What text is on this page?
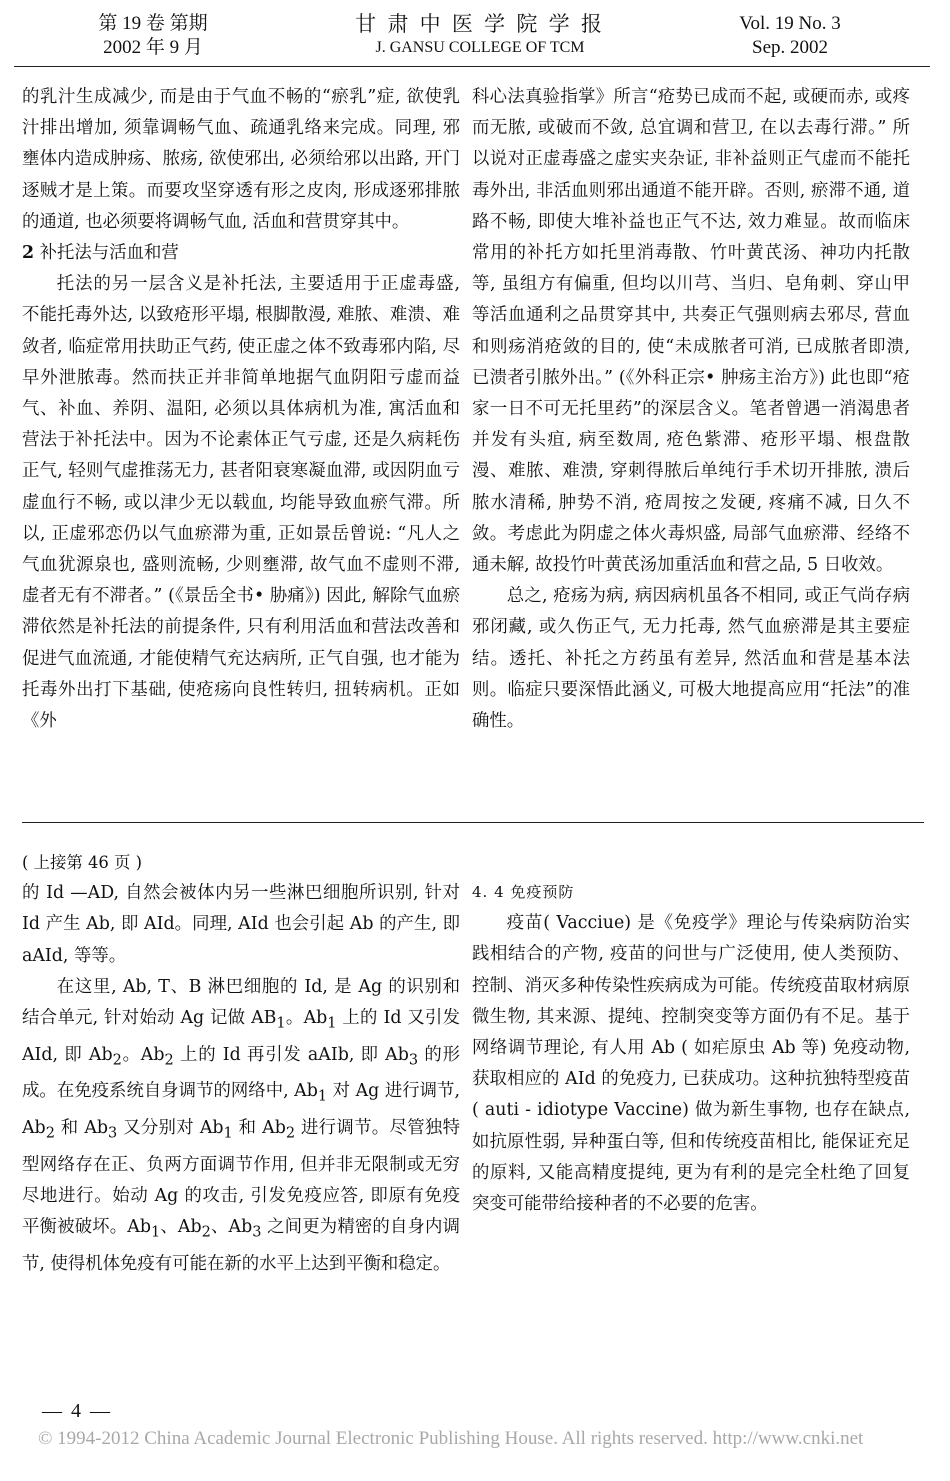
第 19 卷 第期
2002 年 9 月
甘 肃 中 医 学 院 学 报
J. GANSU COLLEGE OF TCM
Vol. 19 No. 3
Sep. 2002

的乳汁生成减少, 而是由于气血不畅的“瘀乳”症, 欲使乳汁排出增加, 须靠调畅气血、疏通乳络来完成。同理, 邪壅体内造成肿疡、脓疡, 欲使邪出, 必须给邪以出路, 开门逐贼才是上策。而要攻坚穿透有形之皮肉, 形成逐邪排脓的通道, 也必须要将调畅气血, 活血和营贯穿其中。

2 补托法与活血和营

托法的另一层含义是补托法, 主要适用于正虚毒盛, 不能托毒外达, 以致疮形平塌, 根脚散漫, 难脓、难溃、难敛者, 临症常用扶助正气药, 使正虚之体不致毒邪内陷, 尽早外泄脓毒。然而扶正并非简单地据气血阴阳亏虚而益气、补血、养阴、温阳, 必须以具体病机为准, 寓活血和营法于补托法中。因为不论素体正气亏虚, 还是久病耗伤正气, 轻则气虚推荡无力, 甚者阳衰寒凝血滞, 或因阴血亏虚血行不畅, 或以津少无以载血, 均能导致血瘀气滞。所以, 正虚邪恋仍以气血瘀滞为重, 正如景岳曾说: “凡人之气血犹源泉也, 盛则流畅, 少则壅滞, 故气血不虚则不滞, 虚者无有不滞者。” (《景岳全书• 胁痛》) 因此, 解除气血瘀滞依然是补托法的前提条件, 只有利用活血和营法改善和促进气血流通, 才能使精气充达病所, 正气自强, 也才能为托毒外出打下基础, 使疮疡向良性转归, 扭转病机。正如《外

科心法真验指掌》所言“疮势已成而不起, 或硬而赤, 或疼而无脓, 或破而不敛, 总宜调和营卫, 在以去毒行滞。” 所以说对正虚毒盛之虚实夹杂证, 非补益则正气虚而不能托毒外出, 非活血则邪出通道不能开辟。否则, 瘀滞不通, 道路不畅, 即使大堆补益也正气不达, 效力难显。故而临床常用的补托方如托里消毒散、竹叶黄芪汤、神功内托散等, 虽组方有偏重, 但均以川芎、当归、皂角刺、穿山甲等活血通利之品贯穿其中, 共奏正气强则病去邪尽, 营血和则疡消疮敛的目的, 使“未成脓者可消, 已成脓者即溃, 已溃者引脓外出。” (《外科正宗• 肿疡主治方》) 此也即“疮家一日不可无托里药”的深层含义。笔者曾遇一消渴患者并发有头疽, 病至数周, 疮色紫滞、疮形平塌、根盘散漫、难脓、难溃, 穿刺得脓后单纯行手术切开排脓, 溃后脓水清稀, 肿势不消, 疮周按之发硬, 疼痛不减, 日久不敛。考虑此为阴虚之体火毒炽盛, 局部气血瘀滞、经络不通未解, 故投竹叶黄芪汤加重活血和营之品, 5 日收效。

总之, 疮疡为病, 病因病机虽各不相同, 或正气尚存病邪闭藏, 或久伤正气, 无力托毒, 然气血瘀滞是其主要症结。透托、补托之方药虽有差异, 然活血和营是基本法则。临症只要深悟此涵义, 可极大地提高应用“托法”的准确性。

( 上接第 46 页 )

的 Id —AD, 自然会被体内另一些淋巴细胞所识别, 针对 Id 产生 Ab, 即 AId。同理, AId 也会引起 Ab 的产生, 即 aAId, 等等。

在这里, Ab, T、B 淋巴细胞的 Id, 是 Ag 的识别和结合单元, 针对始动 Ag 记做 $AB_1$。$Ab_1$ 上的 Id 又引发 AId, 即 $Ab_2$。$Ab_2$ 上的 Id 再引发 aAIb, 即 $Ab_3$ 的形成。在免疫系统自身调节的网络中, $Ab_1$ 对 Ag 进行调节, $Ab_2$ 和 $Ab_3$ 又分别对 $Ab_1$ 和 $Ab_2$ 进行调节。尽管独特型网络存在正、负两方面调节作用, 但并非无限制或无穷尽地进行。始动 Ag 的攻击, 引发免疫应答, 即原有免疫平衡被破坏。$Ab_1$、$Ab_2$、$Ab_3$ 之间更为精密的自身内调节, 使得机体免疫有可能在新的水平上达到平衡和稳定。

4. 4 免疫预防

疫苗( Vacciue) 是《免疫学》理论与传染病防治实践相结合的产物, 疫苗的问世与广泛使用, 使人类预防、控制、消灭多种传染性疾病成为可能。传统疫苗取材病原微生物, 其来源、提纯、控制突变等方面仍有不足。基于网络调节理论, 有人用 Ab ( 如疟原虫 Ab 等) 免疫动物, 获取相应的 AId 的免疫力, 已获成功。这种抗独特型疫苗 ( auti - idiotype Vaccine) 做为新生事物, 也存在缺点, 如抗原性弱, 异种蛋白等, 但和传统疫苗相比, 能保证充足的原料, 又能高精度提纯, 更为有利的是完全杜绝了回复突变可能带给接种者的不必要的危害。

— 4 —
© 1994-2012 China Academic Journal Electronic Publishing House. All rights reserved. http://www.cnki.net
